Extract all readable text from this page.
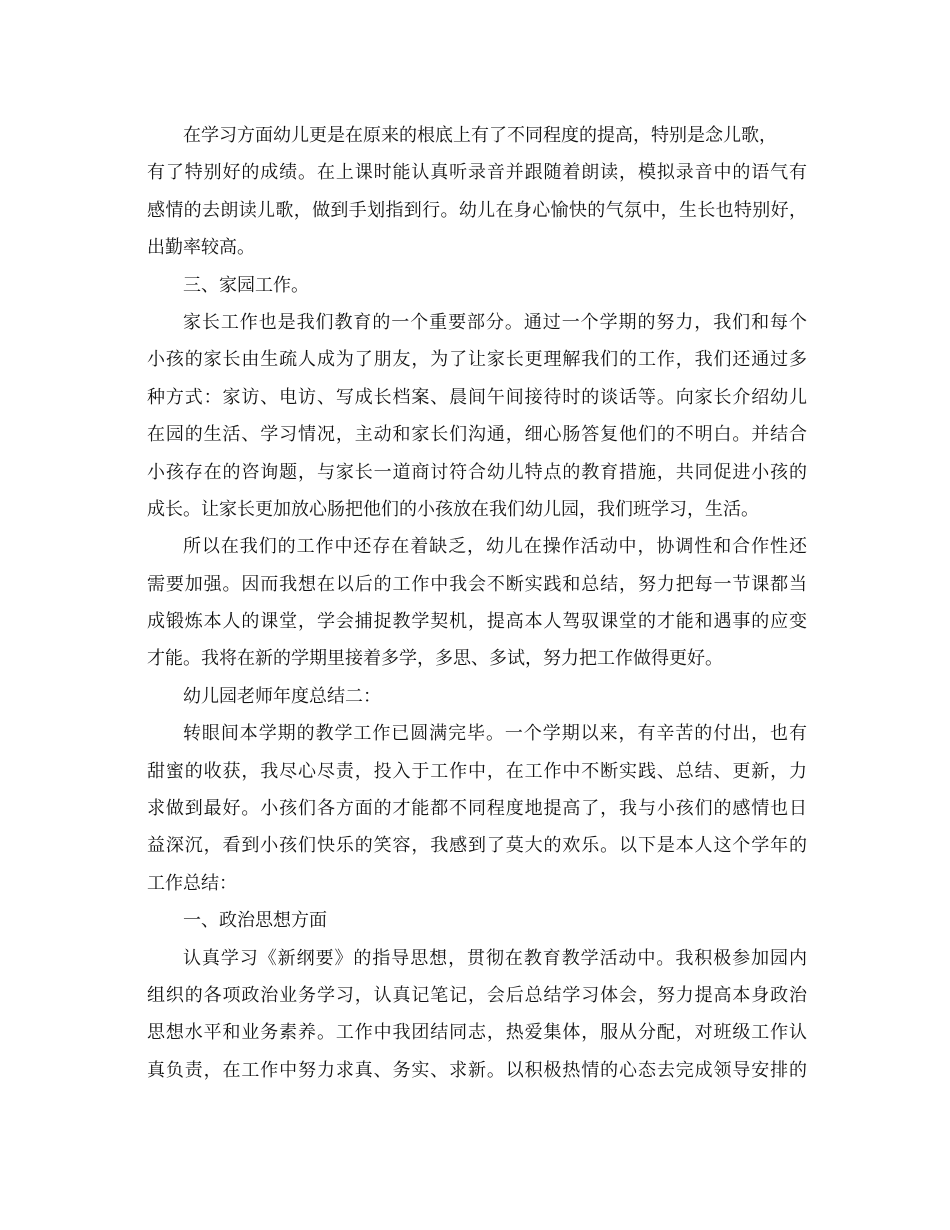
在学习方面幼儿更是在原来的根底上有了不同程度的提高，特别是念儿歌，
有了特别好的成绩。在上课时能认真听录音并跟随着朗读，模拟录音中的语气有
感情的去朗读儿歌，做到手划指到行。幼儿在身心愉快的气氛中，生长也特别好，
出勤率较高。
三、家园工作。
家长工作也是我们教育的一个重要部分。通过一个学期的努力，我们和每个
小孩的家长由生疏人成为了朋友，为了让家长更理解我们的工作，我们还通过多
种方式：家访、电访、写成长档案、晨间午间接待时的谈话等。向家长介绍幼儿
在园的生活、学习情况，主动和家长们沟通，细心肠答复他们的不明白。并结合
小孩存在的咨询题，与家长一道商讨符合幼儿特点的教育措施，共同促进小孩的
成长。让家长更加放心肠把他们的小孩放在我们幼儿园，我们班学习，生活。
所以在我们的工作中还存在着缺乏，幼儿在操作活动中，协调性和合作性还
需要加强。因而我想在以后的工作中我会不断实践和总结，努力把每一节课都当
成锻炼本人的课堂，学会捕捉教学契机，提高本人驾驭课堂的才能和遇事的应变
才能。我将在新的学期里接着多学，多思、多试，努力把工作做得更好。
幼儿园老师年度总结二：
转眼间本学期的教学工作已圆满完毕。一个学期以来，有辛苦的付出，也有
甜蜜的收获，我尽心尽责，投入于工作中，在工作中不断实践、总结、更新，力
求做到最好。小孩们各方面的才能都不同程度地提高了，我与小孩们的感情也日
益深沉，看到小孩们快乐的笑容，我感到了莫大的欢乐。以下是本人这个学年的
工作总结：
一、政治思想方面
认真学习《新纲要》的指导思想，贯彻在教育教学活动中。我积极参加园内
组织的各项政治业务学习，认真记笔记，会后总结学习体会，努力提高本身政治
思想水平和业务素养。工作中我团结同志，热爱集体，服从分配，对班级工作认
真负责，在工作中努力求真、务实、求新。以积极热情的心态去完成领导安排的
